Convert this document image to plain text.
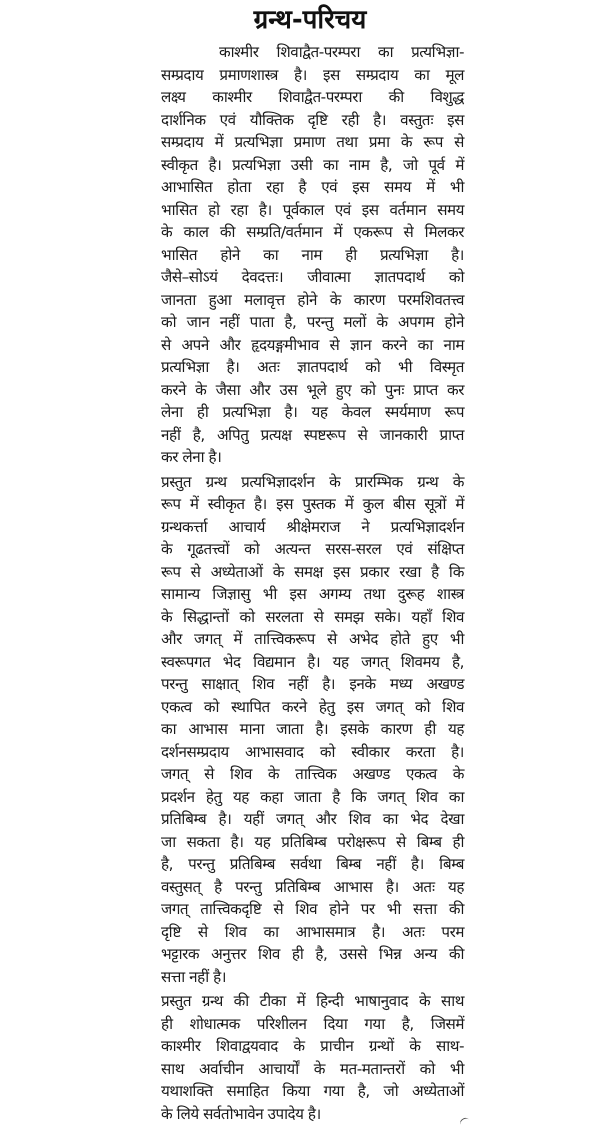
ग्रन्थ-परिचय
काश्मीर शिवाद्वैत-परम्परा का प्रत्यभिज्ञा-
सम्प्रदाय प्रमाणशास्त्र है। इस सम्प्रदाय का मूल
लक्ष्य काश्मीर शिवाद्वैत-परम्परा की विशुद्ध
दार्शनिक एवं यौक्तिक दृष्टि रही है। वस्तुतः इस
सम्प्रदाय में प्रत्यभिज्ञा प्रमाण तथा प्रमा के रूप से
स्वीकृत है। प्रत्यभिज्ञा उसी का नाम है, जो पूर्व में
आभासित होता रहा है एवं इस समय में भी
भासित हो रहा है। पूर्वकाल एवं इस वर्तमान समय
के काल की सम्प्रति/वर्तमान में एकरूप से मिलकर
भासित होने का नाम ही प्रत्यभिज्ञा है।
जैसे–सोऽयं देवदत्तः। जीवात्मा ज्ञातपदार्थ को
जानता हुआ मलावृत्त होने के कारण परमशिवतत्त्व
को जान नहीं पाता है, परन्तु मलों के अपगम होने
से अपने और हृदयङ्गमीभाव से ज्ञान करने का नाम
प्रत्यभिज्ञा है। अतः ज्ञातपदार्थ को भी विस्मृत
करने के जैसा और उस भूले हुए को पुनः प्राप्त कर
लेना ही प्रत्यभिज्ञा है। यह केवल स्मर्यमाण रूप
नहीं है, अपितु प्रत्यक्ष स्पष्टरूप से जानकारी प्राप्त
कर लेना है।
प्रस्तुत ग्रन्थ प्रत्यभिज्ञादर्शन के प्रारम्भिक ग्रन्थ के
रूप में स्वीकृत है। इस पुस्तक में कुल बीस सूत्रों में
ग्रन्थकर्त्ता आचार्य श्रीक्षेमराज ने प्रत्यभिज्ञादर्शन
के गूढतत्त्वों को अत्यन्त सरस-सरल एवं संक्षिप्त
रूप से अध्येताओं के समक्ष इस प्रकार रखा है कि
सामान्य जिज्ञासु भी इस अगम्य तथा दुरूह शास्त्र
के सिद्धान्तों को सरलता से समझ सके। यहाँ शिव
और जगत् में तात्त्विकरूप से अभेद होते हुए भी
स्वरूपगत भेद विद्यमान है। यह जगत् शिवमय है,
परन्तु साक्षात् शिव नहीं है। इनके मध्य अखण्ड
एकत्व को स्थापित करने हेतु इस जगत् को शिव
का आभास माना जाता है। इसके कारण ही यह
दर्शनसम्प्रदाय आभासवाद को स्वीकार करता है।
जगत् से शिव के तात्त्विक अखण्ड एकत्व के
प्रदर्शन हेतु यह कहा जाता है कि जगत् शिव का
प्रतिबिम्ब है। यहीं जगत् और शिव का भेद देखा
जा सकता है। यह प्रतिबिम्ब परोक्षरूप से बिम्ब ही
है, परन्तु प्रतिबिम्ब सर्वथा बिम्ब नहीं है। बिम्ब
वस्तुसत् है परन्तु प्रतिबिम्ब आभास है। अतः यह
जगत् तात्त्विकदृष्टि से शिव होने पर भी सत्ता की
दृष्टि से शिव का आभासमात्र है। अतः परम
भट्टारक अनुत्तर शिव ही है, उससे भिन्न अन्य की
सत्ता नहीं है।
प्रस्तुत ग्रन्थ की टीका में हिन्दी भाषानुवाद के साथ
ही शोधात्मक परिशीलन दिया गया है, जिसमें
काश्मीर शिवाद्वयवाद के प्राचीन ग्रन्थों के साथ-
साथ अर्वाचीन आचार्यों के मत-मतान्तरों को भी
यथाशक्ति समाहित किया गया है, जो अध्येताओं
के लिये सर्वतोभावेन उपादेय है।
